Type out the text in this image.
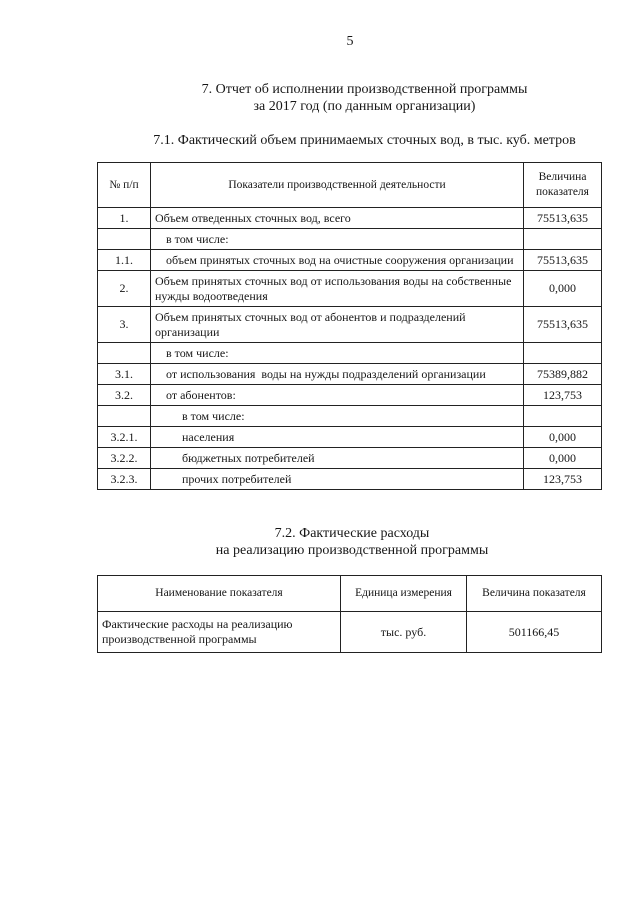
5
7. Отчет об исполнении производственной программы
за 2017 год (по данным организации)
7.1. Фактический объем принимаемых сточных вод, в тыс. куб. метров
№ п/п	Показатели производственной деятельности	Величина показателя
1.	Объем отведенных сточных вод, всего	75513,635
	в том числе:	
1.1.	объем принятых сточных вод на очистные сооружения организации	75513,635
2.	Объем принятых сточных вод от использования воды на собственные нужды водоотведения	0,000
3.	Объем принятых сточных вод от абонентов и подразделений организации	75513,635
	в том числе:	
3.1.	от использования  воды на нужды подразделений организации	75389,882
3.2.	от абонентов:	123,753
	в том числе:	
3.2.1.	населения	0,000
3.2.2.	бюджетных потребителей	0,000
3.2.3.	прочих потребителей	123,753
7.2. Фактические расходы
на реализацию производственной программы
Наименование показателя	Единица измерения	Величина показателя
Фактические расходы на реализацию производственной программы	тыс. руб.	501166,45
